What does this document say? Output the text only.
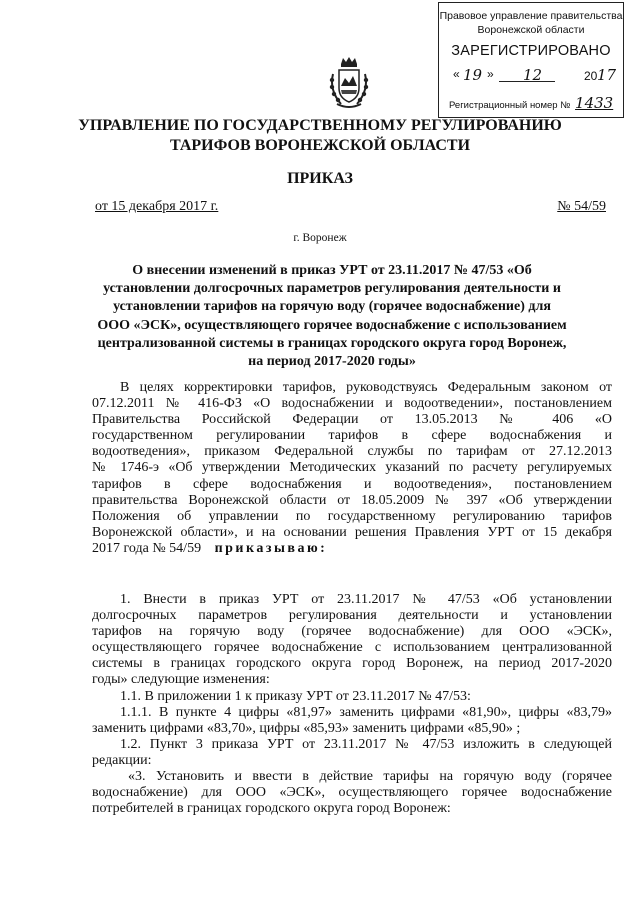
Правовое управление правительства
Воронежской области
ЗАРЕГИСТРИРОВАНО
« 19 » 12	20 17
Регистрационный номер № 1433
УПРАВЛЕНИЕ ПО ГОСУДАРСТВЕННОМУ РЕГУЛИРОВАНИЮ
ТАРИФОВ ВОРОНЕЖСКОЙ ОБЛАСТИ
ПРИКАЗ
от 15 декабря 2017 г.	№ 54/59
г. Воронеж
О внесении изменений в приказ УРТ от 23.11.2017 № 47/53 «Об
установлении долгосрочных параметров регулирования деятельности и
установлении тарифов на горячую воду (горячее водоснабжение) для
ООО «ЭСК», осуществляющего горячее водоснабжение с использованием
централизованной системы в границах городского округа город Воронеж,
на период 2017-2020 годы»
В целях корректировки тарифов, руководствуясь Федеральным законом от
07.12.2011 № 416-ФЗ «О водоснабжении и водоотведении», постановлением
Правительства Российской Федерации от 13.05.2013 № 406 «О
государственном регулировании тарифов в сфере водоснабжения и
водоотведения», приказом Федеральной службы по тарифам от 27.12.2013
№ 1746-э «Об утверждении Методических указаний по расчету регулируемых
тарифов в сфере водоснабжения и водоотведения», постановлением
правительства Воронежской области от 18.05.2009 № 397 «Об утверждении
Положения об управлении по государственному регулированию тарифов
Воронежской области», и на основании решения Правления УРТ от 15 декабря
2017 года № 54/59 приказываю:
1. Внести в приказ УРТ от 23.11.2017 № 47/53 «Об установлении
долгосрочных параметров регулирования деятельности и установлении
тарифов на горячую воду (горячее водоснабжение) для ООО «ЭСК»,
осуществляющего горячее водоснабжение с использованием централизованной
системы в границах городского округа город Воронеж, на период 2017-2020
годы» следующие изменения:
1.1. В приложении 1 к приказу УРТ от 23.11.2017 № 47/53:
1.1.1. В пункте 4 цифры «81,97» заменить цифрами «81,90», цифры «83,79»
заменить цифрами «83,70», цифры «85,93» заменить цифрами «85,90» ;
1.2. Пункт 3 приказа УРТ от 23.11.2017 № 47/53 изложить в следующей
редакции:
«3. Установить и ввести в действие тарифы на горячую воду (горячее
водоснабжение) для ООО «ЭСК», осуществляющего горячее водоснабжение
потребителей в границах городского округа город Воронеж:
